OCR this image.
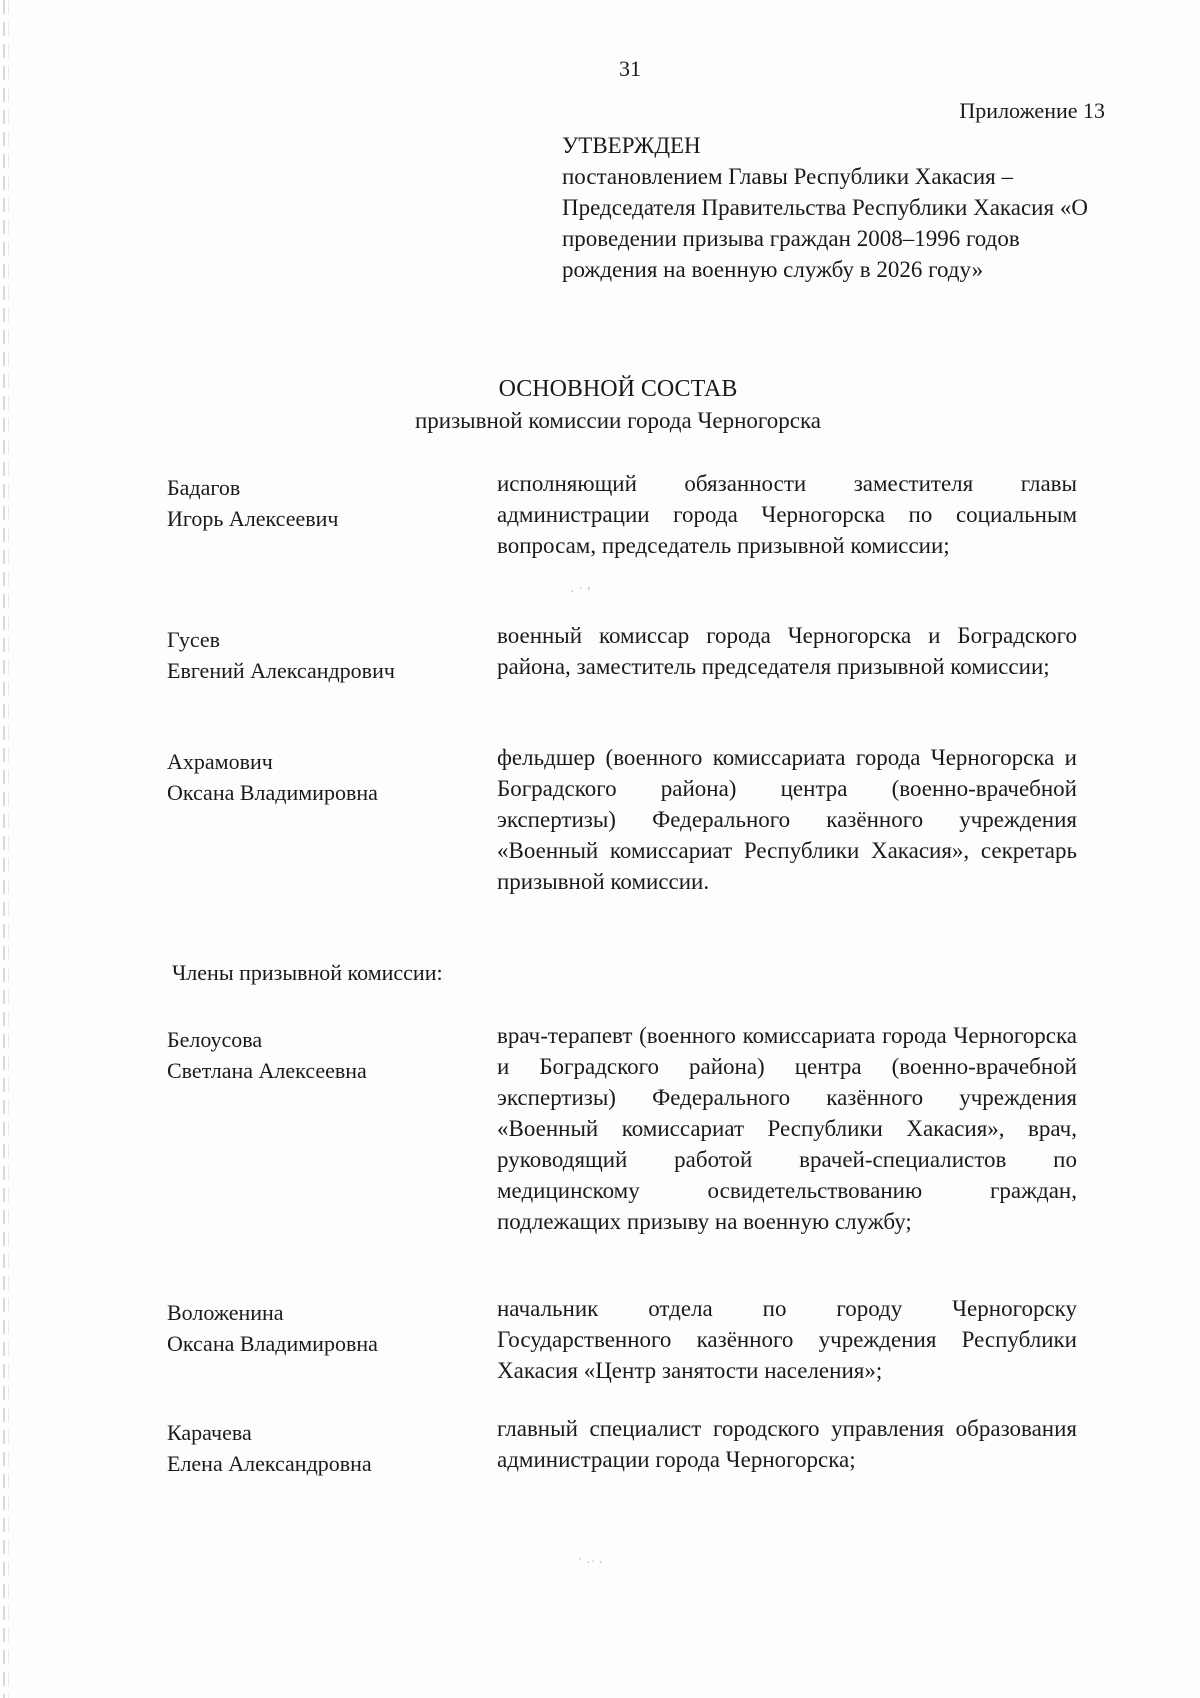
31
Приложение 13
УТВЕРЖДЕН
постановлением Главы Республики Хакасия – Председателя Правительства Республики Хакасия «О проведении призыва граждан 2008–1996 годов рождения на военную службу в 2026 году»
ОСНОВНОЙ СОСТАВ
призывной комиссии города Черногорска
Бадагов
Игорь Алексеевич
исполняющий обязанности заместителя главы администрации города Черногорска по социальным вопросам, председатель призывной комиссии;
Гусев
Евгений Александрович
военный комиссар города Черногорска и Боградского района, заместитель председателя призывной комиссии;
Ахрамович
Оксана Владимировна
фельдшер (военного комиссариата города Черногорска и Боградского района) центра (военно-врачебной экспертизы) Федерального казённого учреждения «Военный комиссариат Республики Хакасия», секретарь призывной комиссии.
Члены призывной комиссии:
Белоусова
Светлана Алексеевна
врач-терапевт (военного комиссариата города Черногорска и Боградского района) центра (военно-врачебной экспертизы) Федерального казённого учреждения «Военный комиссариат Республики Хакасия», врач, руководящий работой врачей-специалистов по медицинскому освидетельствованию граждан, подлежащих призыву на военную службу;
Воложенина
Оксана Владимировна
начальник отдела по городу Черногорску Государственного казённого учреждения Республики Хакасия «Центр занятости населения»;
Карачева
Елена Александровна
главный специалист городского управления образования администрации города Черногорска;
· ˙ ʼ
˙ ·ˑ ·
